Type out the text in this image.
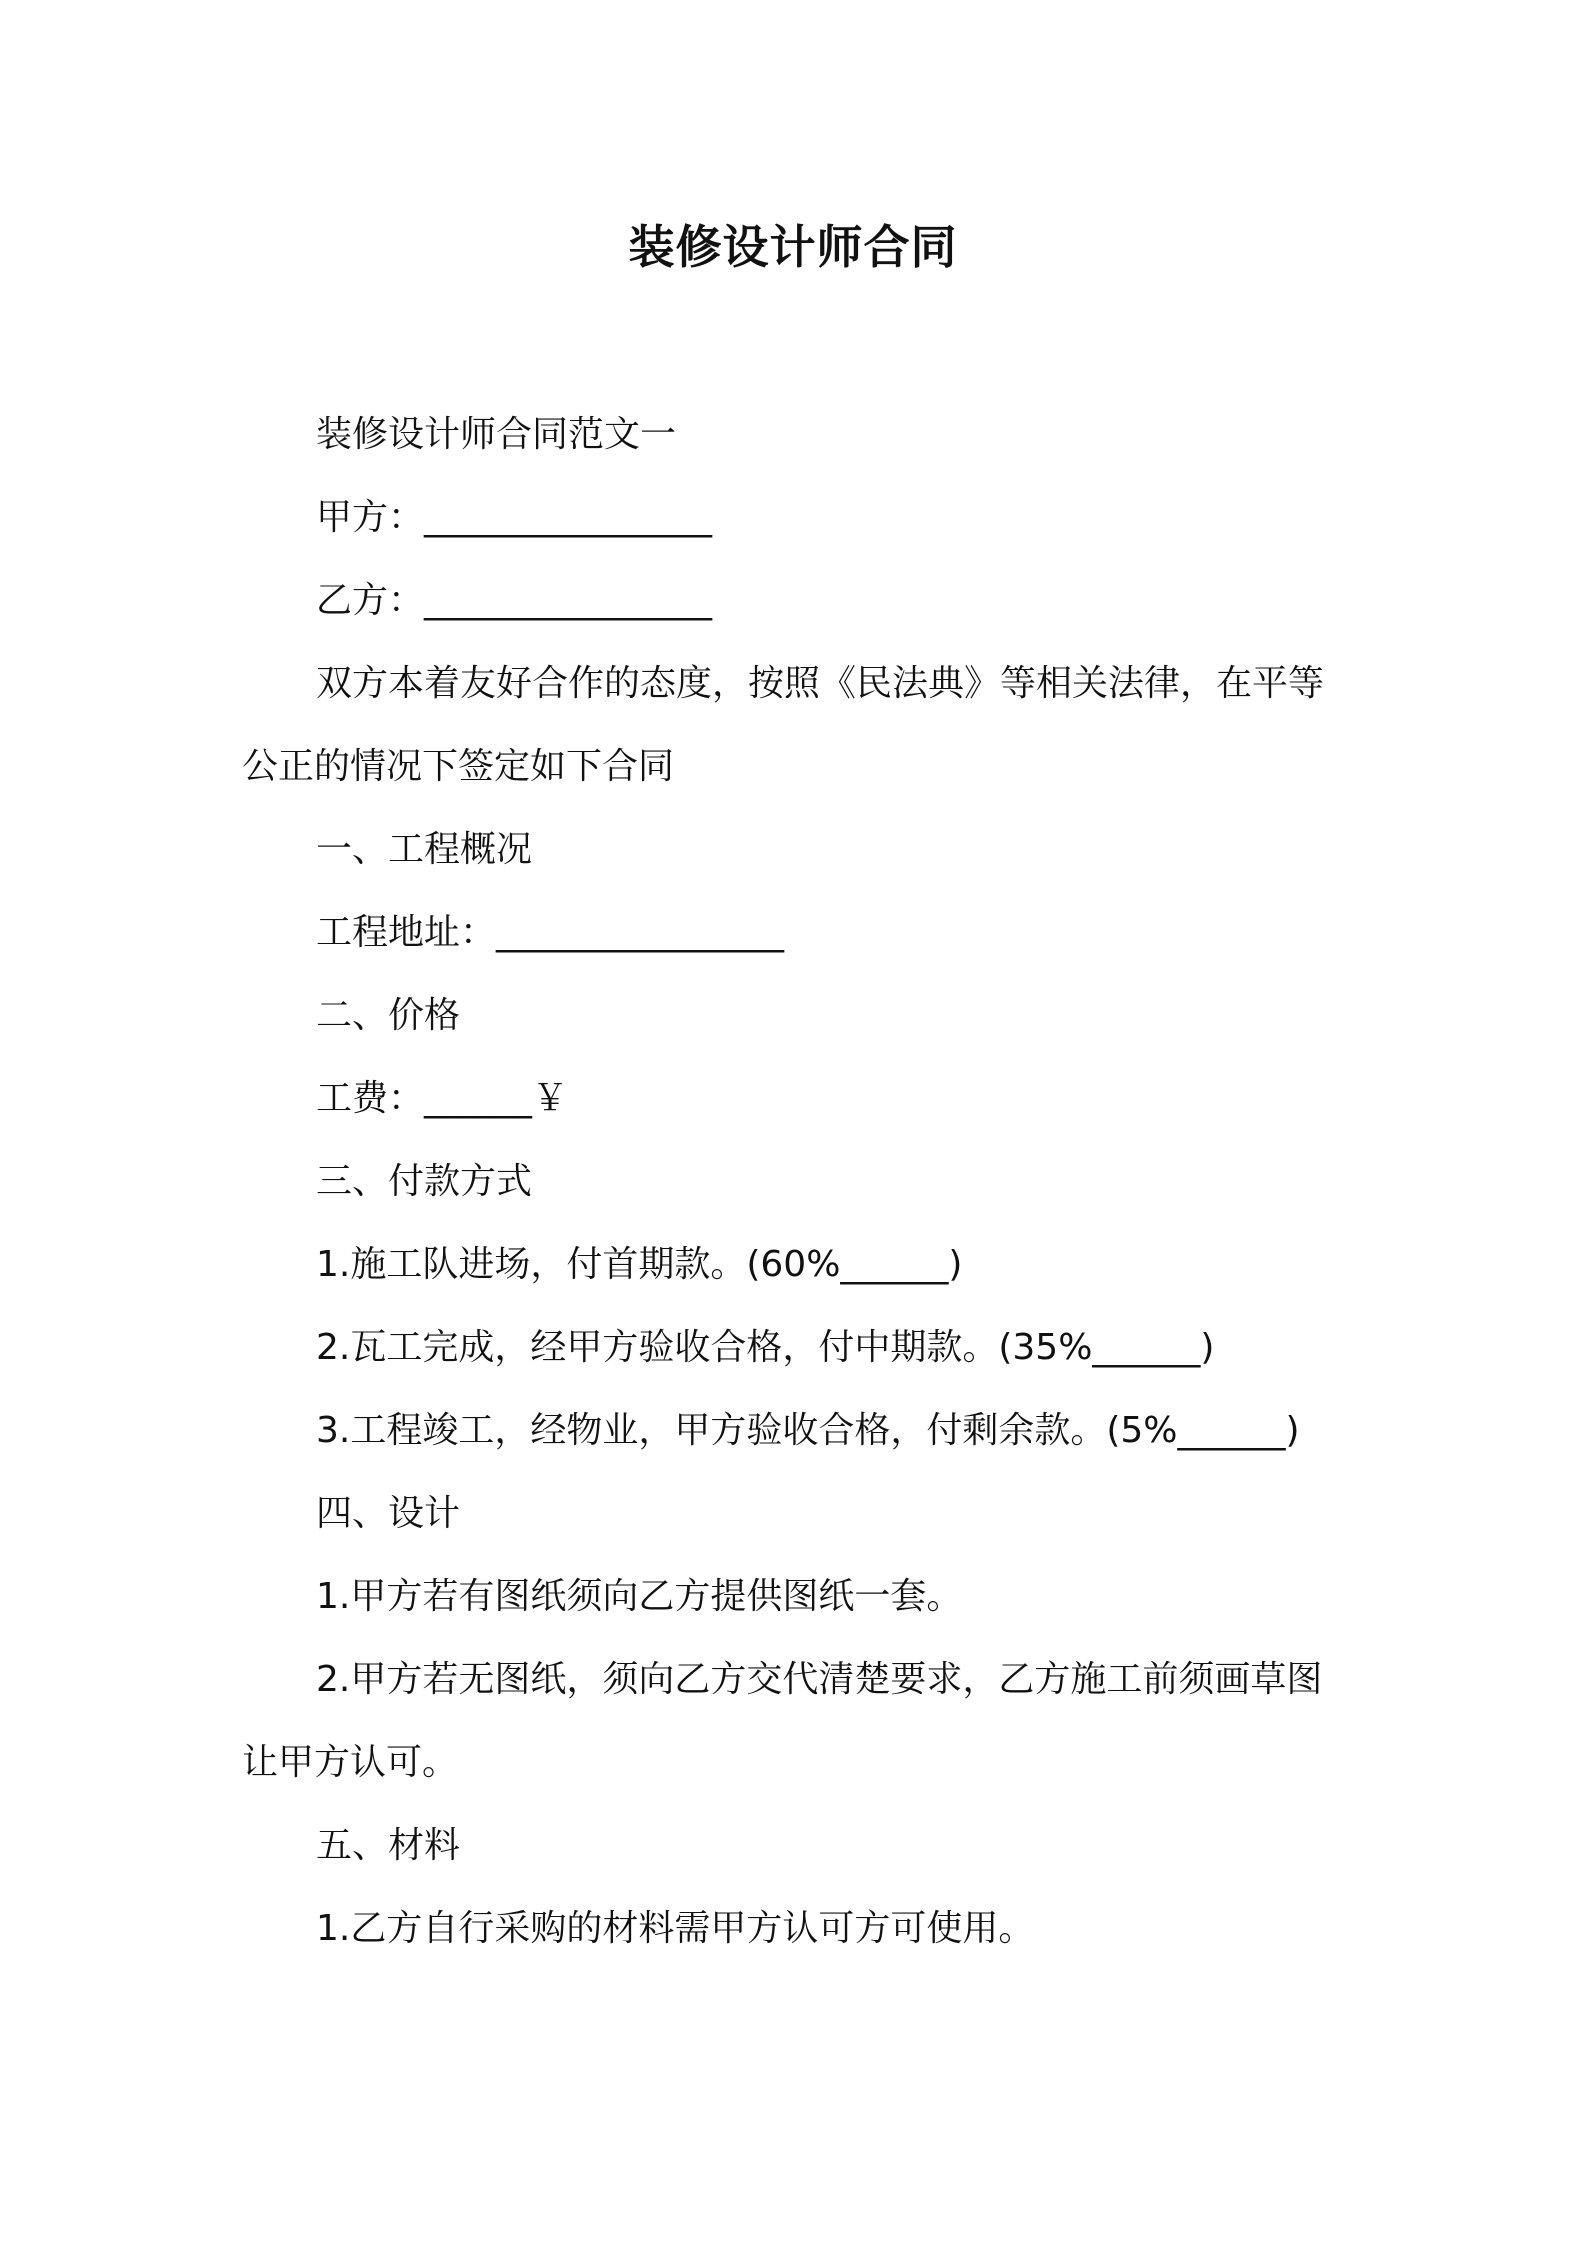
装修设计师合同
装修设计师合同范文一
甲方：________________
乙方：________________
双方本着友好合作的态度，按照《民法典》等相关法律，在平等
公正的情况下签定如下合同
一、工程概况
工程地址：________________
二、价格
工费：______￥
三、付款方式
1.施工队进场，付首期款。(60%______)
2.瓦工完成，经甲方验收合格，付中期款。(35%______)
3.工程竣工，经物业，甲方验收合格，付剩余款。(5%______)
四、设计
1.甲方若有图纸须向乙方提供图纸一套。
2.甲方若无图纸，须向乙方交代清楚要求，乙方施工前须画草图
让甲方认可。
五、材料
1.乙方自行采购的材料需甲方认可方可使用。
